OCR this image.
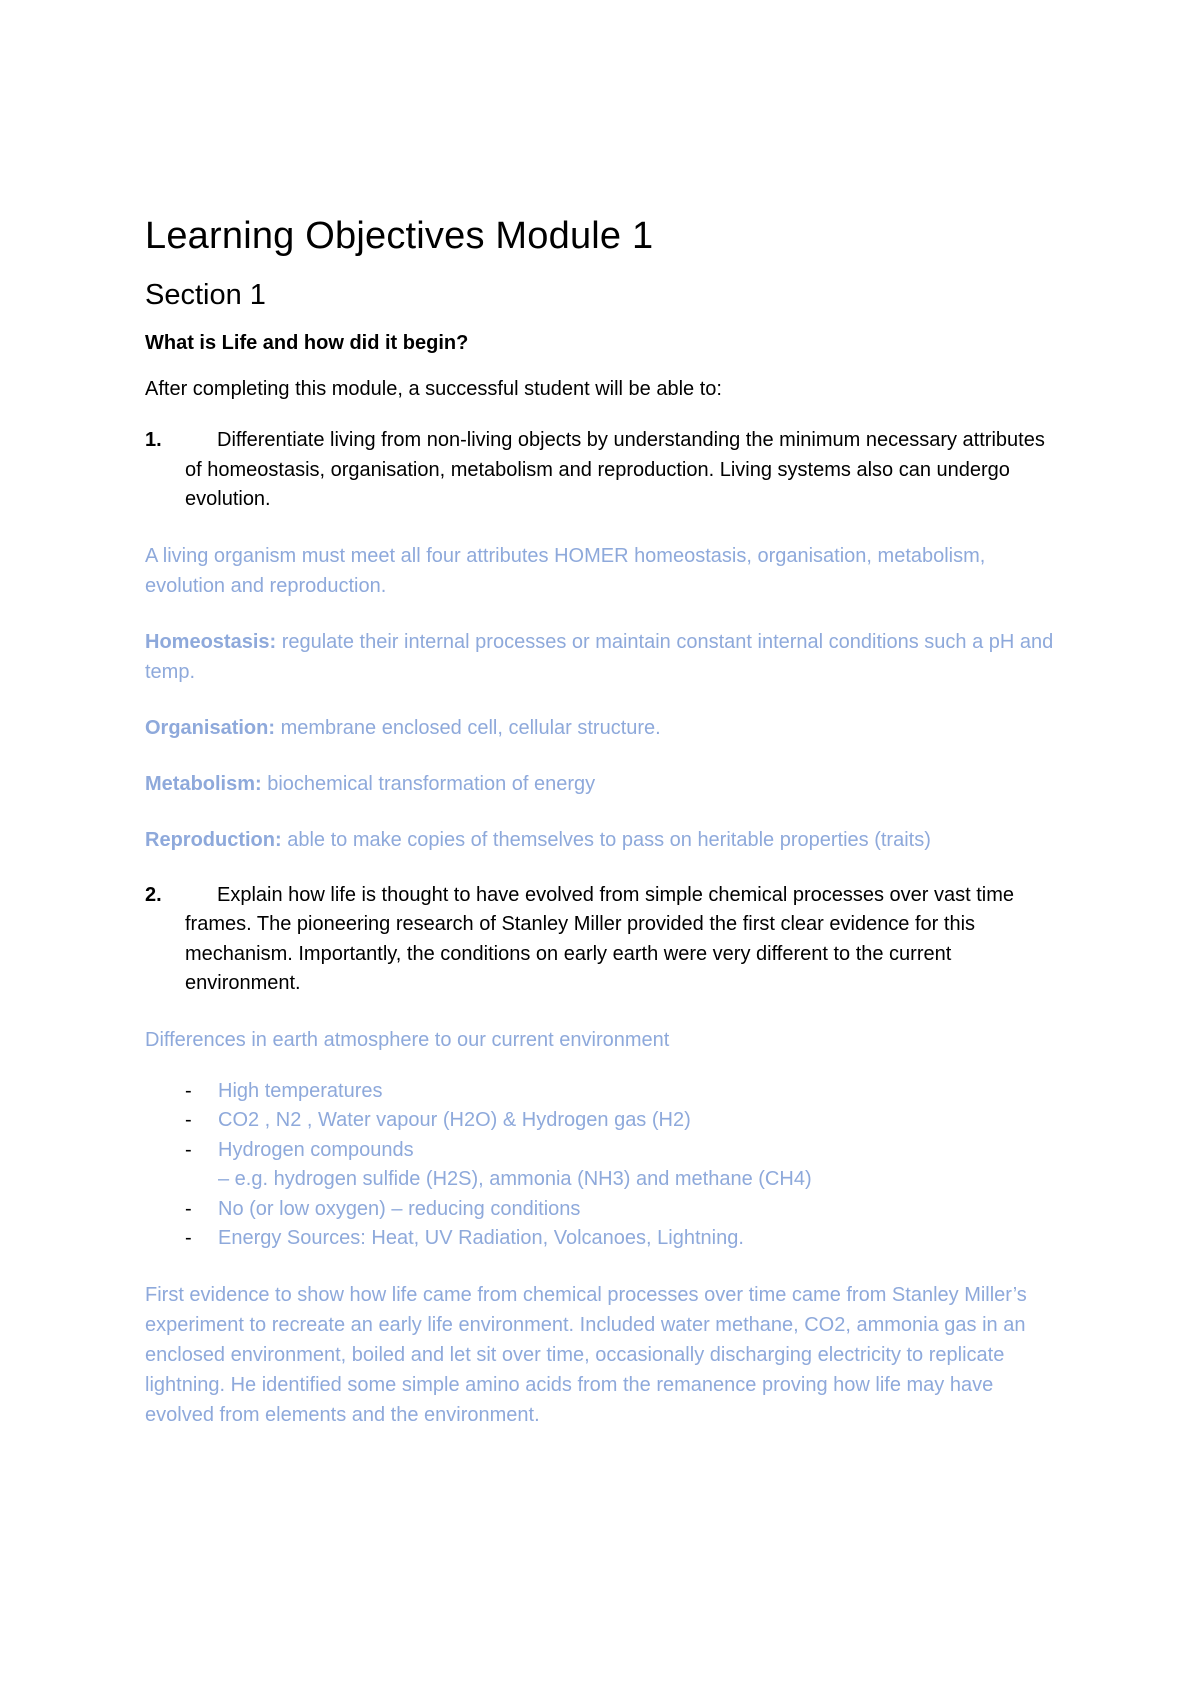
Learning Objectives Module 1
Section 1

What is Life and how did it begin?

After completing this module, a successful student will be able to:

1.	Differentiate living from non-living objects by understanding the minimum necessary attributes of homeostasis, organisation, metabolism and reproduction. Living systems also can undergo evolution.

A living organism must meet all four attributes HOMER homeostasis, organisation, metabolism, evolution and reproduction.

Homeostasis: regulate their internal processes or maintain constant internal conditions such a pH and temp.

Organisation: membrane enclosed cell, cellular structure.

Metabolism: biochemical transformation of energy

Reproduction: able to make copies of themselves to pass on heritable properties (traits)

2.	Explain how life is thought to have evolved from simple chemical processes over vast time frames. The pioneering research of Stanley Miller provided the first clear evidence for this mechanism. Importantly, the conditions on early earth were very different to the current environment.

Differences in earth atmosphere to our current environment

-	High temperatures
-	CO2 , N2 , Water vapour (H2O) & Hydrogen gas (H2)
-	Hydrogen compounds
– e.g. hydrogen sulfide (H2S), ammonia (NH3) and methane (CH4)
-	No (or low oxygen) – reducing conditions
-	Energy Sources: Heat, UV Radiation, Volcanoes, Lightning.

First evidence to show how life came from chemical processes over time came from Stanley Miller’s experiment to recreate an early life environment. Included water methane, CO2, ammonia gas in an enclosed environment, boiled and let sit over time, occasionally discharging electricity to replicate lightning. He identified some simple amino acids from the remanence proving how life may have evolved from elements and the environment.
